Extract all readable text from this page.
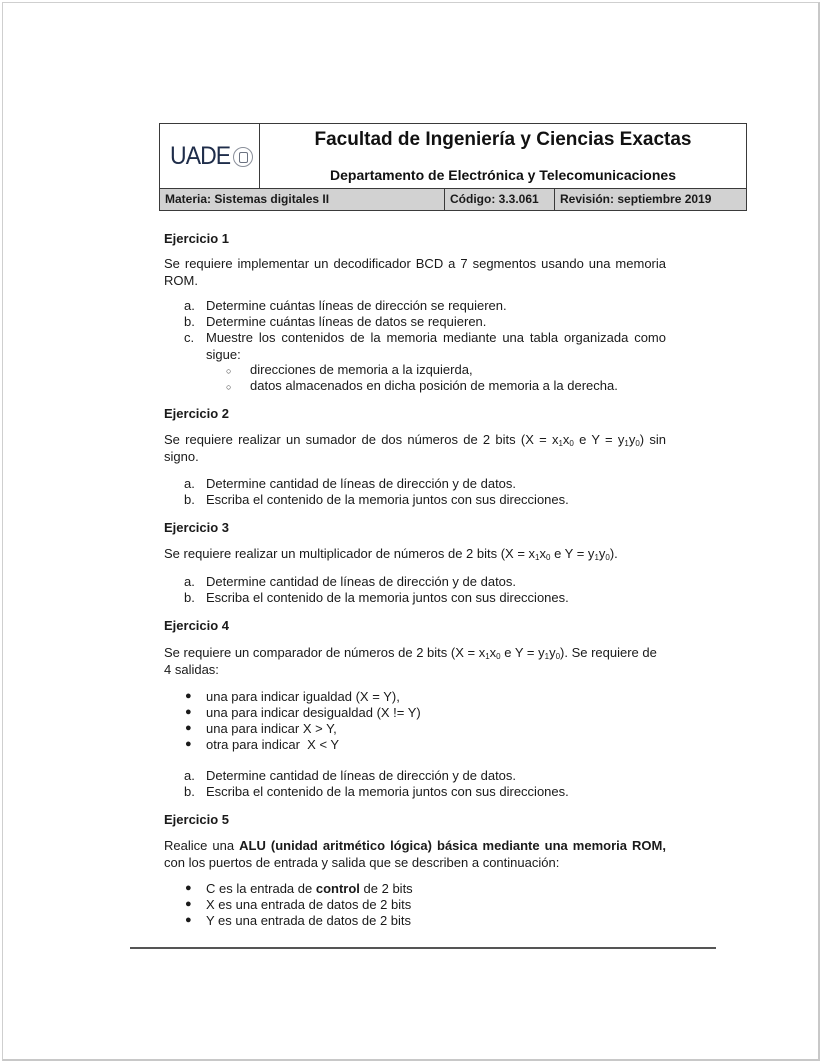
UADE
Facultad de Ingeniería y Ciencias Exactas
Departamento de Electrónica y Telecomunicaciones
Materia: Sistemas digitales II	Código: 3.3.061	Revisión: septiembre 2019
Ejercicio 1
Se requiere implementar un decodificador BCD a 7 segmentos usando una memoria ROM.
a. Determine cuántas líneas de dirección se requieren.
b. Determine cuántas líneas de datos se requieren.
c. Muestre los contenidos de la memoria mediante una tabla organizada como sigue:
○	direcciones de memoria a la izquierda,
○	datos almacenados en dicha posición de memoria a la derecha.
Ejercicio 2
Se requiere realizar un sumador de dos números de 2 bits ($X = x_1x_0$ e $Y = y_1y_0$) sin signo.
a. Determine cantidad de líneas de dirección y de datos.
b. Escriba el contenido de la memoria juntos con sus direcciones.
Ejercicio 3
Se requiere realizar un multiplicador de números de 2 bits ($X = x_1x_0$ e $Y = y_1y_0$).
a. Determine cantidad de líneas de dirección y de datos.
b. Escriba el contenido de la memoria juntos con sus direcciones.
Ejercicio 4
Se requiere un comparador de números de 2 bits ($X = x_1x_0$ e $Y = y_1y_0$). Se requiere de 4 salidas:
● una para indicar igualdad (X = Y),
● una para indicar desigualdad (X != Y)
● una para indicar X > Y,
● otra para indicar  X < Y
a. Determine cantidad de líneas de dirección y de datos.
b. Escriba el contenido de la memoria juntos con sus direcciones.
Ejercicio 5
Realice una ALU (unidad aritmético lógica) básica mediante una memoria ROM, con los puertos de entrada y salida que se describen a continuación:
● C es la entrada de control de 2 bits
● X es una entrada de datos de 2 bits
● Y es una entrada de datos de 2 bits
